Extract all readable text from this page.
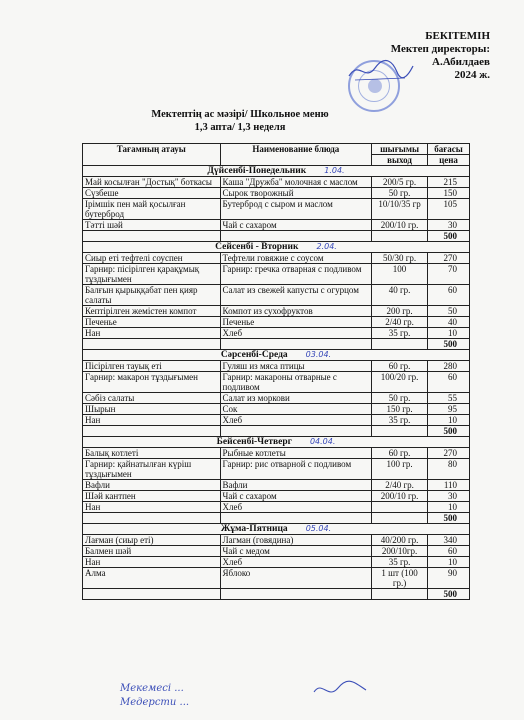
БЕКІТЕМІН
Мектеп директоры:
А.Абилдаев
2024 ж.
Мектептің ас мәзірі/ Школьное меню
1,3 апта/ 1,3 неделя
Тағамның атауы	Наименование блюда	шығымы	бағасы
		выход	цена
Дүйсенбі-Понедельник 1.04.			
Май косылған "Достық" боткасы	Каша "Дружба" молочная с маслом	200/5 гр.	215
Сүзбеше	Сырок творожный	50 гр.	150
Ірімшік пен май қосылған бутерброд	Бутерброд с сыром и маслом	10/10/35 гр	105
Тәтті шәй	Чай с сахаром	200/10 гр.	30
			500
Сейсенбі - Вторник 2.04.			
Сиыр еті тефтелі соуспен	Тефтели говяжие с соусом	50/30 гр.	270
Гарнир: пісірілген қарақұмық тұздығымен	Гарнир: гречка отварная с подливом	100	70
Балғын қырыққабат пен қияр салаты	Салат из свежей капусты с огурцом	40 гр.	60
Кептірілген жемістен компот	Компот из сухофруктов	200 гр.	50
Печенье	Печенье	2/40 гр.	40
Нан	Хлеб	35 гр.	10
			500
Сәрсенбі-Среда 03.04.			
Пісірілген тауық еті	Гуляш из мяса птицы	60 гр.	280
Гарнир: макарон тұздығымен	Гарнир: макароны отварные с подливом	100/20 гр.	60
Сәбіз салаты	Салат из моркови	50 гр.	55
Шырын	Сок	150 гр.	95
Нан	Хлеб	35 гр.	10
			500
Бейсенбі-Четверг 04.04.			
Балық котлеті	Рыбные котлеты	60 гр.	270
Гарнир: қайнатылған күріш тұздығымен	Гарнир: рис отварной с подливом	100 гр.	80
Вафли	Вафли	2/40 гр.	110
Шәй кантпен	Чай с сахаром	200/10 гр.	30
Нан	Хлеб		10
			500
Жұма-Пятница 05.04.			
Лағман (сиыр еті)	Лагман (говядина)	40/200 гр.	340
Балмен шәй	Чай с медом	200/10гр.	60
Нан	Хлеб	35 гр.	10
Алма	Яблоко	1 шт (100 гр.)	90
			500
Мекемесі ...
Медерсти ...
